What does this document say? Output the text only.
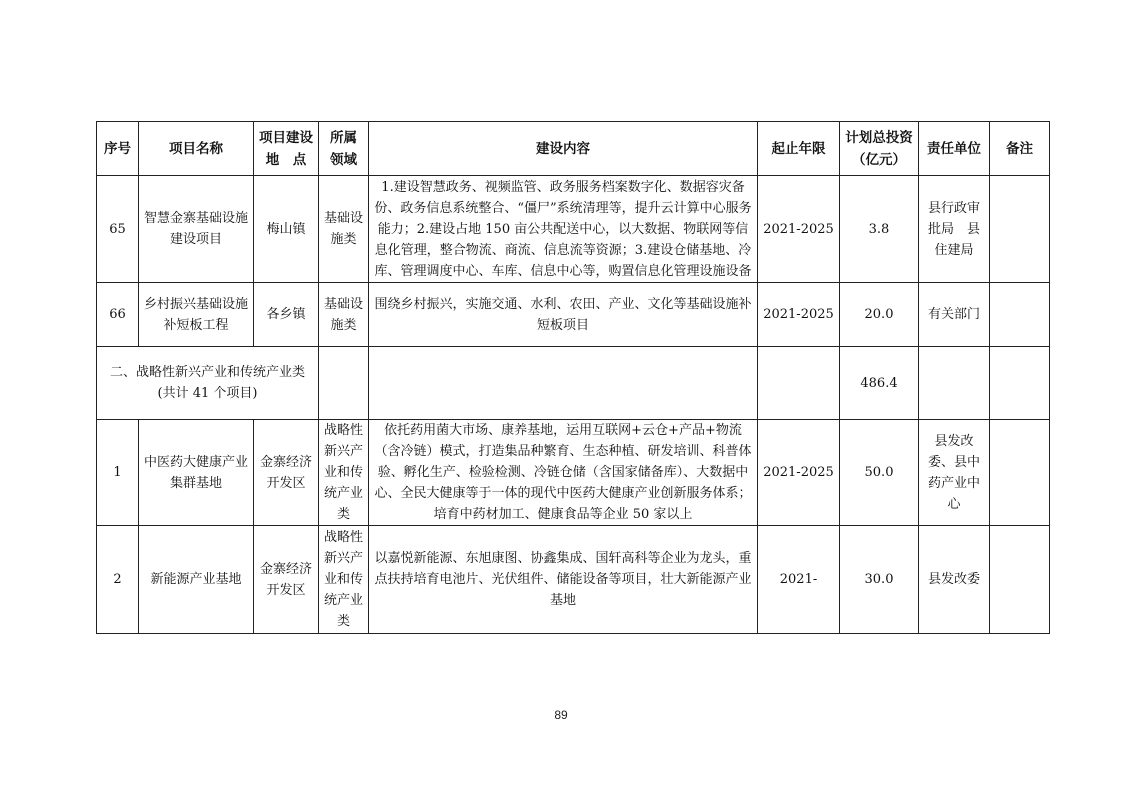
序号	项目名称	项目建设 地　点	所属 领域	建设内容	起止年限	计划总投资（亿元）	责任单位	备注
65	智慧金寨基础设施建设项目	梅山镇	基础设施类	1.建设智慧政务、视频监管、政务服务档案数字化、数据容灾备份、政务信息系统整合、“僵尸”系统清理等，提升云计算中心服务能力；2.建设占地 150 亩公共配送中心，以大数据、物联网等信息化管理，整合物流、商流、信息流等资源；3.建设仓储基地、冷库、管理调度中心、车库、信息中心等，购置信息化管理设施设备	2021-2025	3.8	县行政审批局　县住建局	
66	乡村振兴基础设施补短板工程	各乡镇	基础设施类	围绕乡村振兴，实施交通、水利、农田、产业、文化等基础设施补短板项目	2021-2025	20.0	有关部门	
二、战略性新兴产业和传统产业类(共计 41 个项目)						486.4		
1	中医药大健康产业集群基地	金寨经济开发区	战略性新兴产业和传统产业类	依托药用菌大市场、康养基地，运用互联网+云仓+产品+物流（含冷链）模式，打造集品种繁育、生态种植、研发培训、科普体验、孵化生产、检验检测、冷链仓储（含国家储备库）、大数据中心、全民大健康等于一体的现代中医药大健康产业创新服务体系；培育中药材加工、健康食品等企业 50 家以上	2021-2025	50.0	县发改委、县中药产业中心	
2	新能源产业基地	金寨经济开发区	战略性新兴产业和传统产业类	以嘉悦新能源、东旭康图、协鑫集成、国轩高科等企业为龙头，重点扶持培育电池片、光伏组件、储能设备等项目，壮大新能源产业基地	2021-	30.0	县发改委	
89
